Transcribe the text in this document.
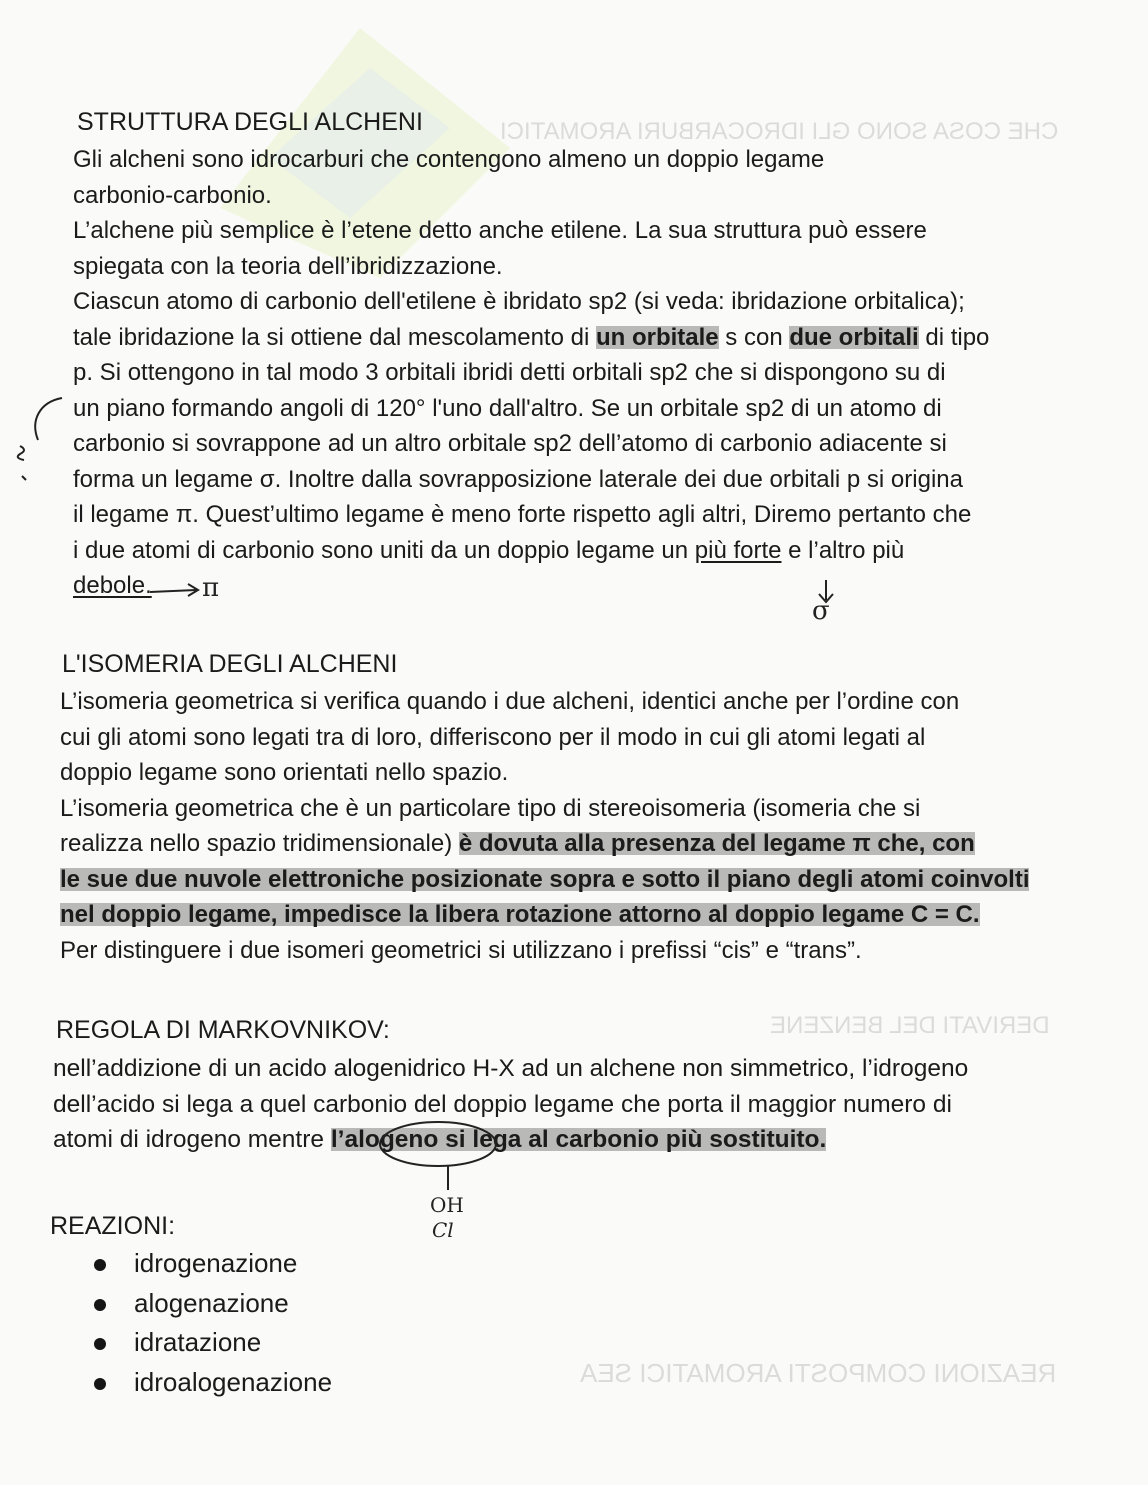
CHE COSA SONO GLI IDROCARBURI AROMATICI
DERIVATI DEL BENZENE
REAZIONI COMPOSTI AROMATICI SEA
STRUTTURA DEGLI ALCHENI

Gli alcheni sono idrocarburi che contengono almeno un doppio legame

carbonio-carbonio.

L’alchene più semplice è l’etene detto anche etilene. La sua struttura può essere

spiegata con la teoria dell’ibridizzazione.

Ciascun atomo di carbonio dell'etilene è ibridato sp2 (si veda: ibridazione orbitalica);

tale ibridazione la si ottiene dal mescolamento di un orbitale s con due orbitali di tipo

p. Si ottengono in tal modo 3 orbitali ibridi detti orbitali sp2 che si dispongono su di

un piano formando angoli di 120° l'uno dall'altro. Se un orbitale sp2 di un atomo di

carbonio si sovrappone ad un altro orbitale sp2 dell’atomo di carbonio adiacente si

forma un legame σ. Inoltre dalla sovrapposizione laterale dei due orbitali p si origina

il legame π. Quest’ultimo legame è meno forte rispetto agli altri, Diremo pertanto che

i due atomi di carbonio sono uniti da un doppio legame un più forte e l’altro più

debole.

L'ISOMERIA DEGLI ALCHENI

L’isomeria geometrica si verifica quando i due alcheni, identici anche per l’ordine con

cui gli atomi sono legati tra di loro, differiscono per il modo in cui gli atomi legati al

doppio legame sono orientati nello spazio.

L’isomeria geometrica che è un particolare tipo di stereoisomeria (isomeria che si

realizza nello spazio tridimensionale) è dovuta alla presenza del legame π che, con

le sue due nuvole elettroniche posizionate sopra e sotto il piano degli atomi coinvolti

nel doppio legame, impedisce la libera rotazione attorno al doppio legame C = C.

Per distinguere i due isomeri geometrici si utilizzano i prefissi “cis” e “trans”.

REGOLA DI MARKOVNIKOV:

nell’addizione di un acido alogenidrico H-X ad un alchene non simmetrico, l’idrogeno

dell’acido si lega a quel carbonio del doppio legame che porta il maggior numero di

atomi di idrogeno mentre l’alogeno si lega al carbonio più sostituito.

REAZIONI:
idrogenazione
alogenazione
idratazione
idroalogenazione
π
σ
OH
Cl
